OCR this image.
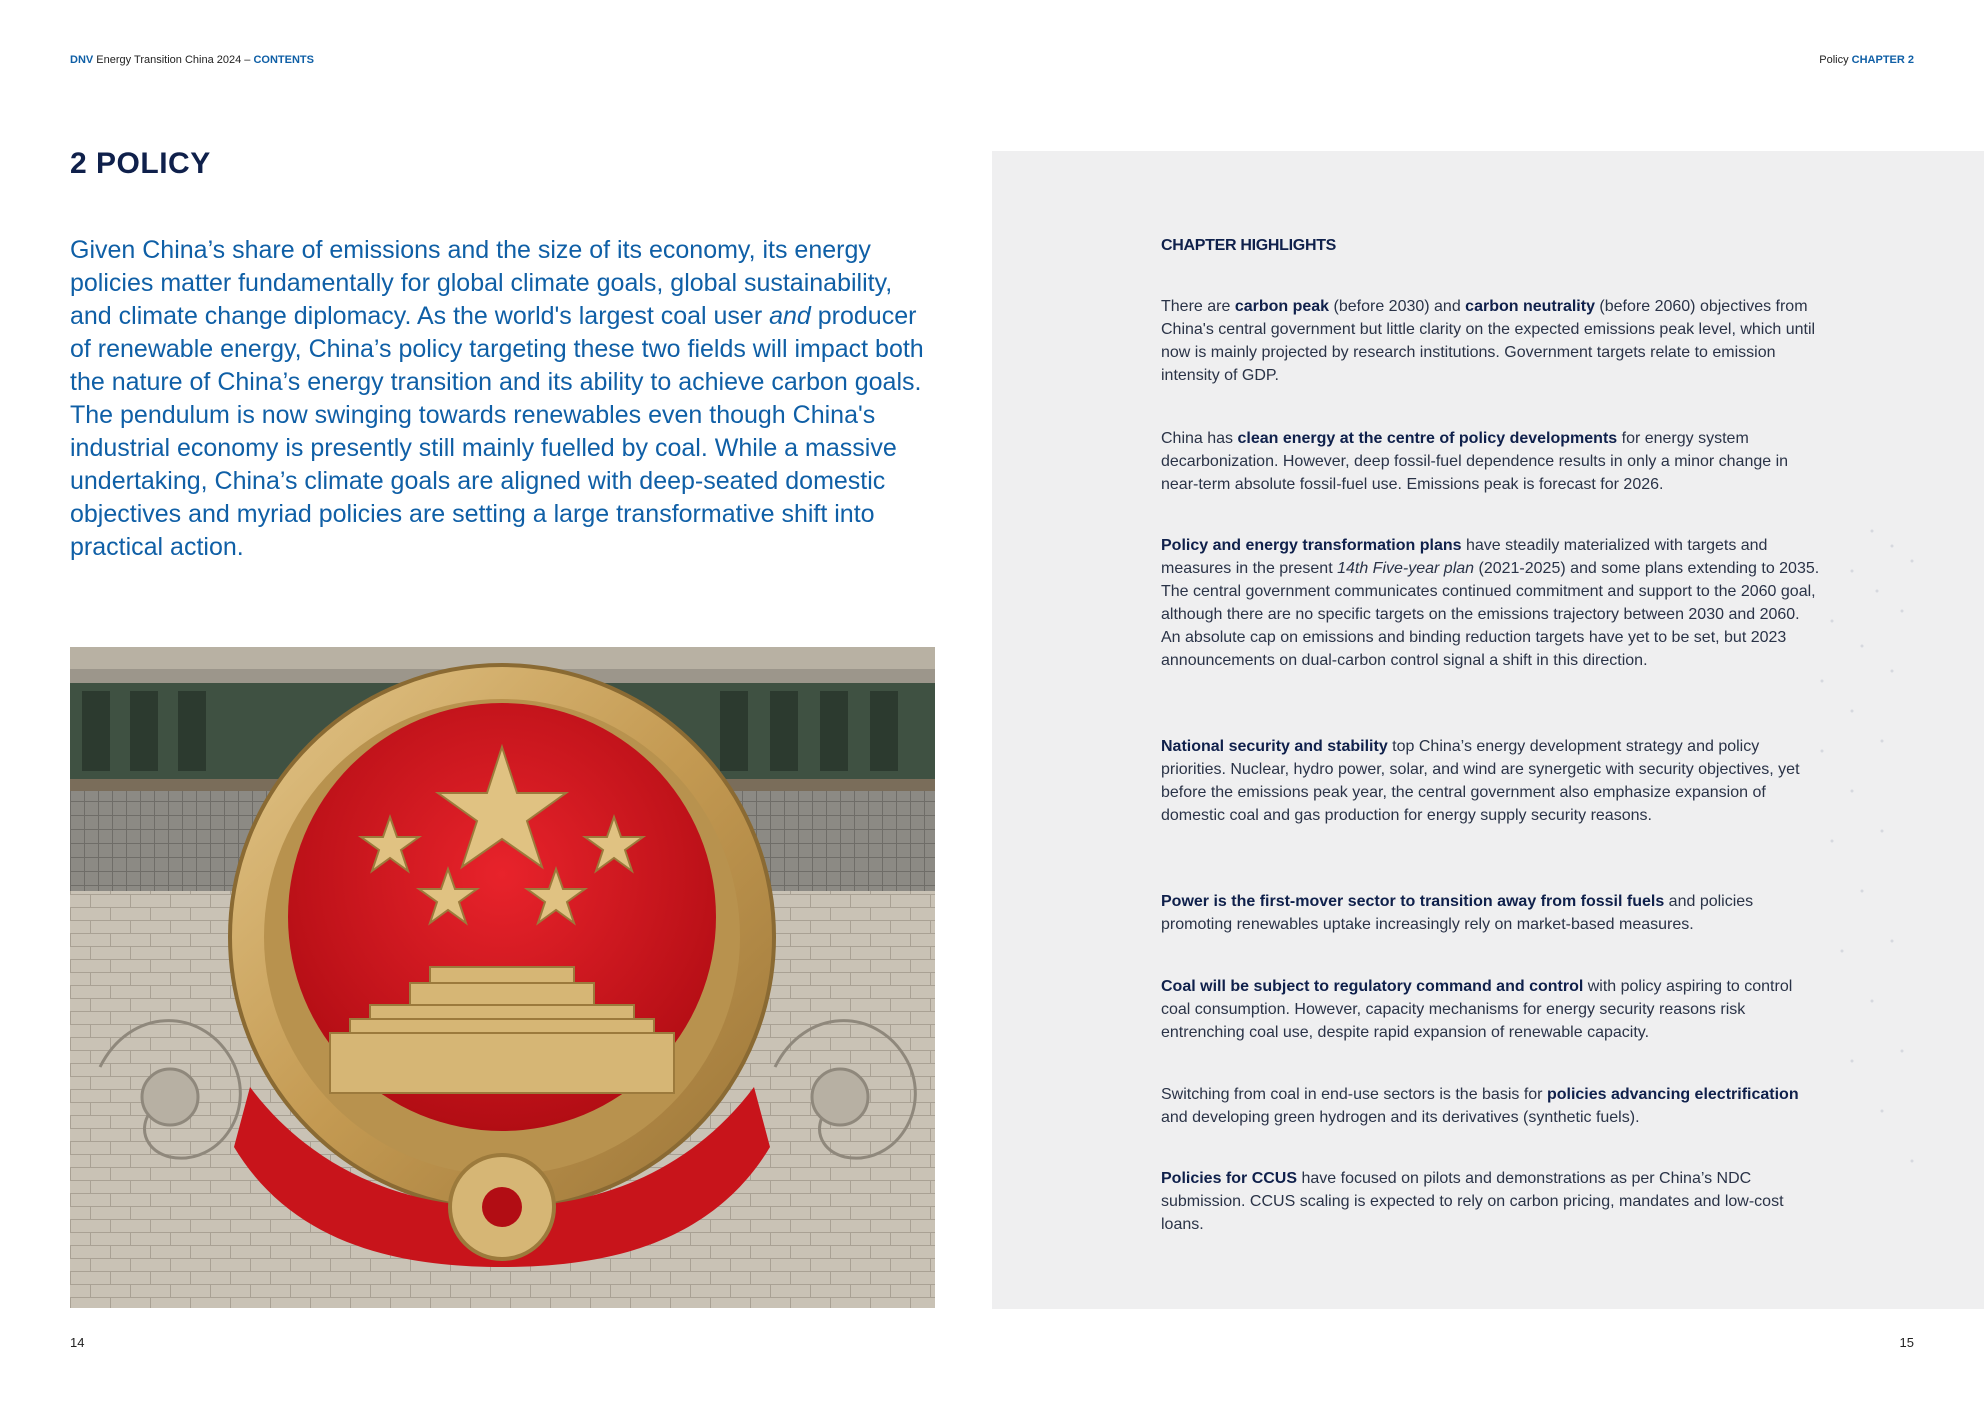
DNV Energy Transition China 2024 – CONTENTS	Policy CHAPTER 2
2 POLICY

Given China’s share of emissions and the size of its economy, its energy policies matter fundamentally for global climate goals, global sustainability, and climate change diplomacy. As the world's largest coal user and producer of renewable energy, China’s policy targeting these two fields will impact both the nature of China’s energy transition and its ability to achieve carbon goals. The pendulum is now swinging towards renewables even though China's industrial economy is presently still mainly fuelled by coal. While a massive undertaking, China’s climate goals are aligned with deep-seated domestic objectives and myriad policies are setting a large transformative shift into practical action.

14
CHAPTER HIGHLIGHTS

There are carbon peak (before 2030) and carbon neutrality (before 2060) objectives from China's central government but little clarity on the expected emissions peak level, which until now is mainly projected by research institutions. Government targets relate to emission intensity of GDP.

China has clean energy at the centre of policy developments for energy system decarbonization. However, deep fossil-fuel dependence results in only a minor change in near-term absolute fossil-fuel use. Emissions peak is forecast for 2026.

Policy and energy transformation plans have steadily materialized with targets and measures in the present 14th Five-year plan (2021-2025) and some plans extending to 2035. The central government communicates continued commitment and support to the 2060 goal, although there are no specific targets on the emissions trajectory between 2030 and 2060. An absolute cap on emissions and binding reduction targets have yet to be set, but 2023 announcements on dual-carbon control signal a shift in this direction.

National security and stability top China’s energy development strategy and policy priorities. Nuclear, hydro power, solar, and wind are synergetic with security objectives, yet before the emissions peak year, the central government also emphasize expansion of domestic coal and gas production for energy supply security reasons.

Power is the first-mover sector to transition away from fossil fuels and policies promoting renewables uptake increasingly rely on market-based measures.

Coal will be subject to regulatory command and control with policy aspiring to control coal consumption. However, capacity mechanisms for energy security reasons risk entrenching coal use, despite rapid expansion of renewable capacity.

Switching from coal in end-use sectors is the basis for policies advancing electrification and developing green hydrogen and its derivatives (synthetic fuels).

Policies for CCUS have focused on pilots and demonstrations as per China’s NDC submission. CCUS scaling is expected to rely on carbon pricing, mandates and low-cost loans.

15
